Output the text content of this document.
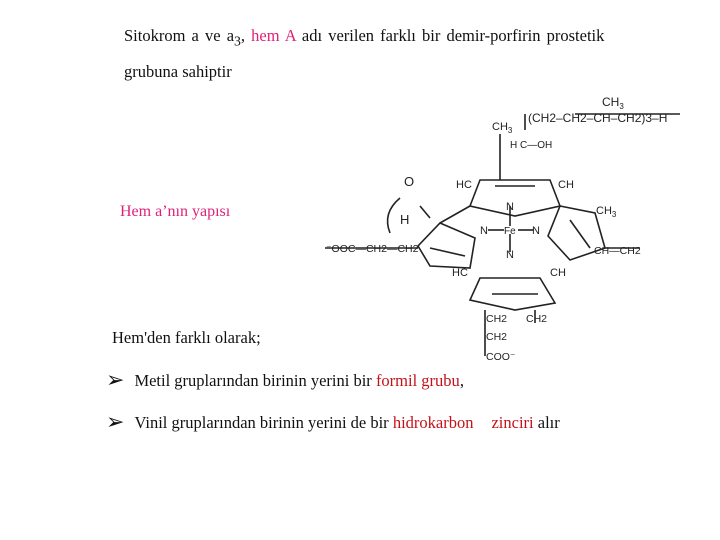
Sitokrom a ve $a_3$, hem A adı verilen farklı bir demir-porfirin prostetik
grubuna sahiptir
Hem a’nın yapısı
$CH_3$
(CH2–CH2–CH–CH2)3–H
$CH_3$
H C—OH
O
H
HC	CH
$CH_3$
N
N Fe N
N
⁻OOC—CH2—CH2	CH—CH2
HC	CH
CH2 CH2
CH2
COO⁻
Hem'den farklı olarak;
➢ Metil gruplarından birinin yerini bir formil grubu,
➢ Vinil gruplarından birinin yerini de bir hidrokarbon zinciri alır
